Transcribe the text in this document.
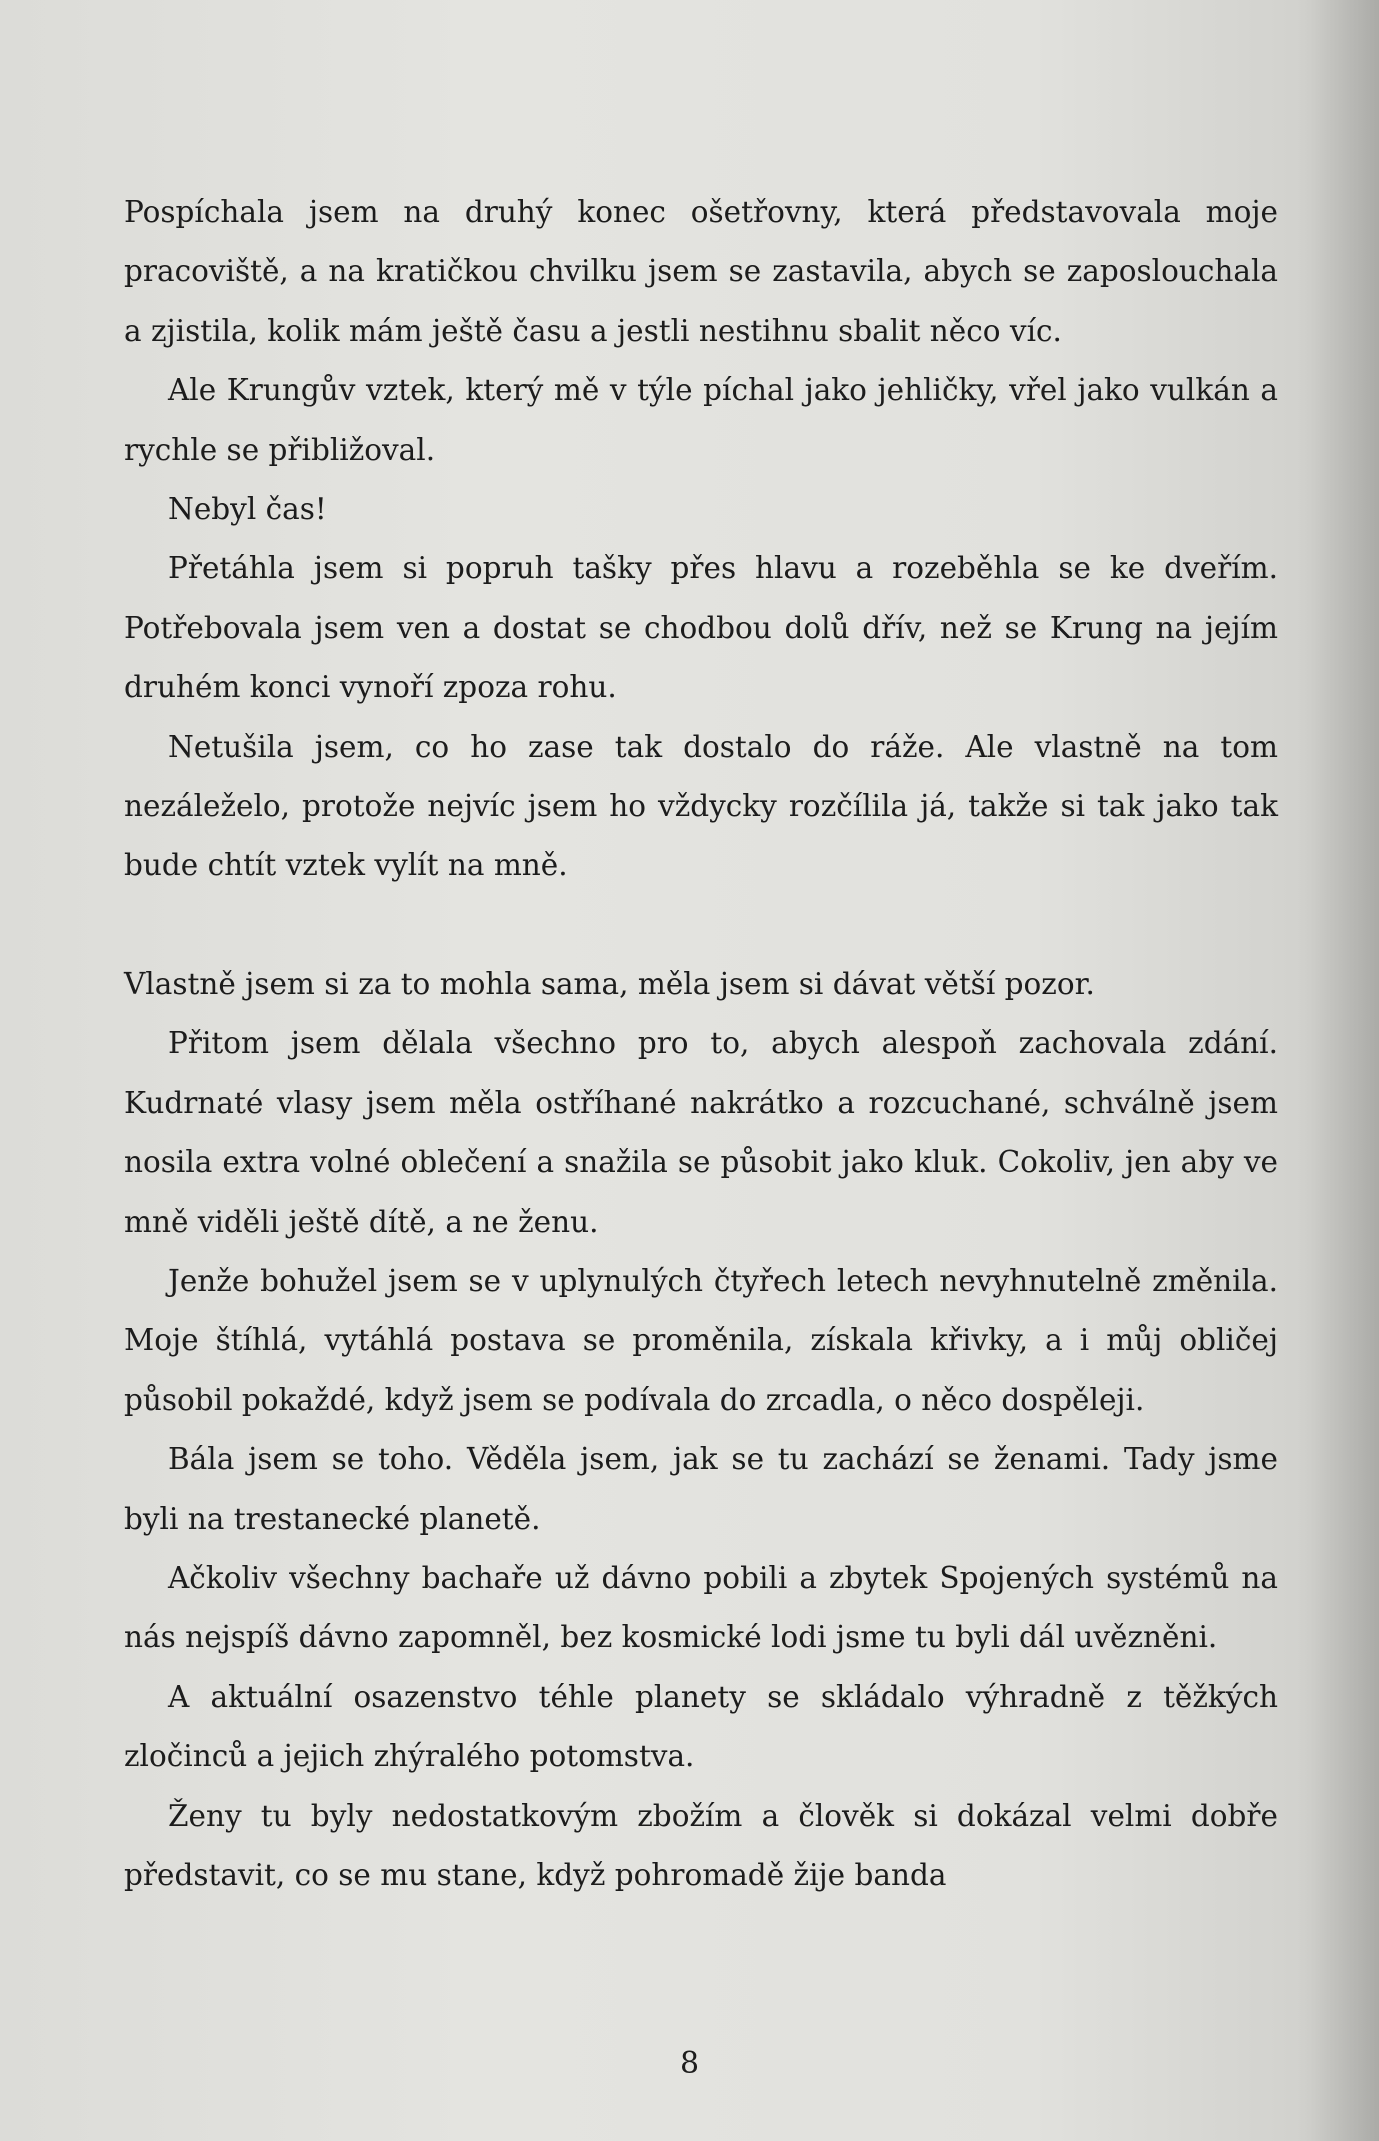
Pospíchala jsem na druhý konec ošetřovny, která představovala moje pracoviště, a na kratičkou chvilku jsem se zastavila, abych se zaposlouchala a zjistila, kolik mám ještě času a jestli nestihnu sbalit něco víc.

Ale Krungův vztek, který mě v týle píchal jako jehličky, vřel jako vulkán a rychle se přibližoval.

Nebyl čas!

Přetáhla jsem si popruh tašky přes hlavu a rozeběhla se ke dveřím. Potřebovala jsem ven a dostat se chodbou dolů dřív, než se Krung na jejím druhém konci vynoří zpoza rohu.

Netušila jsem, co ho zase tak dostalo do ráže. Ale vlastně na tom nezáleželo, protože nejvíc jsem ho vždycky rozčílila já, takže si tak jako tak bude chtít vztek vylít na mně.

Vlastně jsem si za to mohla sama, měla jsem si dávat větší pozor.

Přitom jsem dělala všechno pro to, abych alespoň zachovala zdání. Kudrnaté vlasy jsem měla ostříhané nakrátko a rozcuchané, schválně jsem nosila extra volné oblečení a snažila se působit jako kluk. Cokoliv, jen aby ve mně viděli ještě dítě, a ne ženu.

Jenže bohužel jsem se v uplynulých čtyřech letech nevyhnutelně změnila. Moje štíhlá, vytáhlá postava se proměnila, získala křivky, a i můj obličej působil pokaždé, když jsem se podívala do zrcadla, o něco dospěleji.

Bála jsem se toho. Věděla jsem, jak se tu zachází se ženami. Tady jsme byli na trestanecké planetě.

Ačkoliv všechny bachaře už dávno pobili a zbytek Spojených systémů na nás nejspíš dávno zapomněl, bez kosmické lodi jsme tu byli dál uvězněni.

A aktuální osazenstvo téhle planety se skládalo výhradně z těžkých zločinců a jejich zhýralého potomstva.

Ženy tu byly nedostatkovým zbožím a člověk si dokázal velmi dobře představit, co se mu stane, když pohromadě žije banda

8
